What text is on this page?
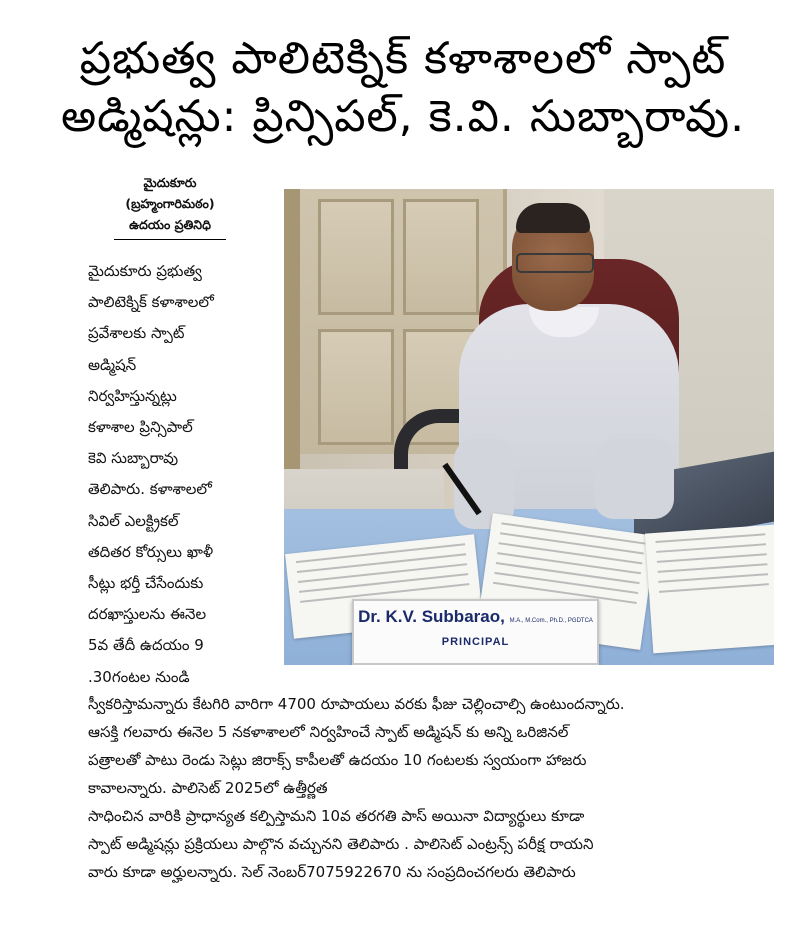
ప్రభుత్వ పాలిటెక్నిక్ కళాశాలలో స్పాట్
అడ్మిషన్లు: ప్రిన్సిపల్, కె.వి. సుబ్బారావు.
మైదుకూరు
(బ్రహ్మంగారిమఠం)
ఉదయం ప్రతినిధి
మైదుకూరు ప్రభుత్వ
పాలిటెక్నిక్ కళాశాలలో
ప్రవేశాలకు స్పాట్
అడ్మిషన్
నిర్వహిస్తున్నట్లు
కళాశాల ప్రిన్సిపాల్
కెవి సుబ్బారావు
తెలిపారు. కళాశాలలో
సివిల్ ఎలక్ట్రికల్
తదితర కోర్సులు ఖాళీ
సీట్లు భర్తీ చేసేందుకు
దరఖాస్తులను ఈనెల
5వ తేదీ ఉదయం 9
.30గంటల నుండి
Dr. K.V. Subbarao, M.A., M.Com., Ph.D., PGDTCA
PRINCIPAL
స్వీకరిస్తామన్నారు కేటగిరి వారిగా 4700 రూపాయలు వరకు ఫీజు చెల్లించాల్సి ఉంటుందన్నారు.
ఆసక్తి గలవారు ఈనెల 5 నకళాశాలలో నిర్వహించే స్పాట్ అడ్మిషన్ కు అన్ని ఒరిజినల్
పత్రాలతో పాటు రెండు సెట్లు జిరాక్స్ కాపీలతో ఉదయం 10 గంటలకు స్వయంగా హాజరు
కావాలన్నారు. పాలిసెట్ 2025లో ఉత్తీర్ణత
సాధించిన వారికి ప్రాధాన్యత కల్పిస్తామని 10వ తరగతి పాస్ అయినా విద్యార్థులు కూడా
స్పాట్ అడ్మిషన్లు ప్రక్రియలు పాల్గొన వచ్చునని తెలిపారు . పాలిసెట్ ఎంట్రన్స్ పరీక్ష రాయని
వారు కూడా అర్హులన్నారు. సెల్ నెంబర్7075922670 ను సంప్రదించగలరు తెలిపారు
